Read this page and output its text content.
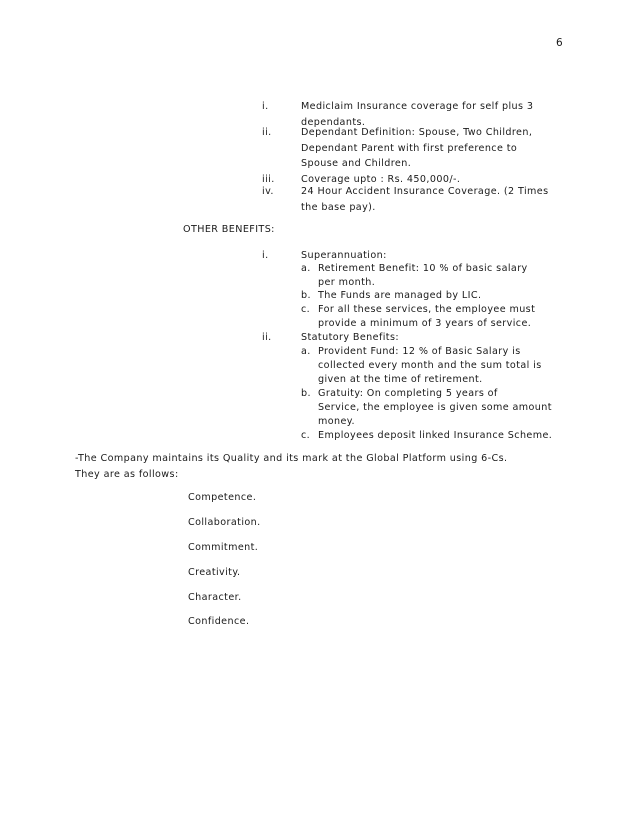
6
i.	Mediclaim Insurance coverage for self plus 3
dependants.
ii.	Dependant Definition: Spouse, Two Children,
Dependant Parent with first preference to
Spouse and Children.
iii.	Coverage upto : Rs. 450,000/-.
iv.	24 Hour Accident Insurance Coverage. (2 Times
the base pay).
OTHER BENEFITS:
i.	Superannuation:
a. Retirement Benefit: 10 % of basic salary
per month.
b. The Funds are managed by LIC.
c. For all these services, the employee must
provide a minimum of 3 years of service.
ii.	Statutory Benefits:
a. Provident Fund: 12 % of Basic Salary is
collected every month and the sum total is
given at the time of retirement.
b. Gratuity: On completing 5 years of
Service, the employee is given some amount
money.
c. Employees deposit linked Insurance Scheme.
-The Company maintains its Quality and its mark at the Global Platform using 6-Cs.
They are as follows:
Competence.
Collaboration.
Commitment.
Creativity.
Character.
Confidence.
